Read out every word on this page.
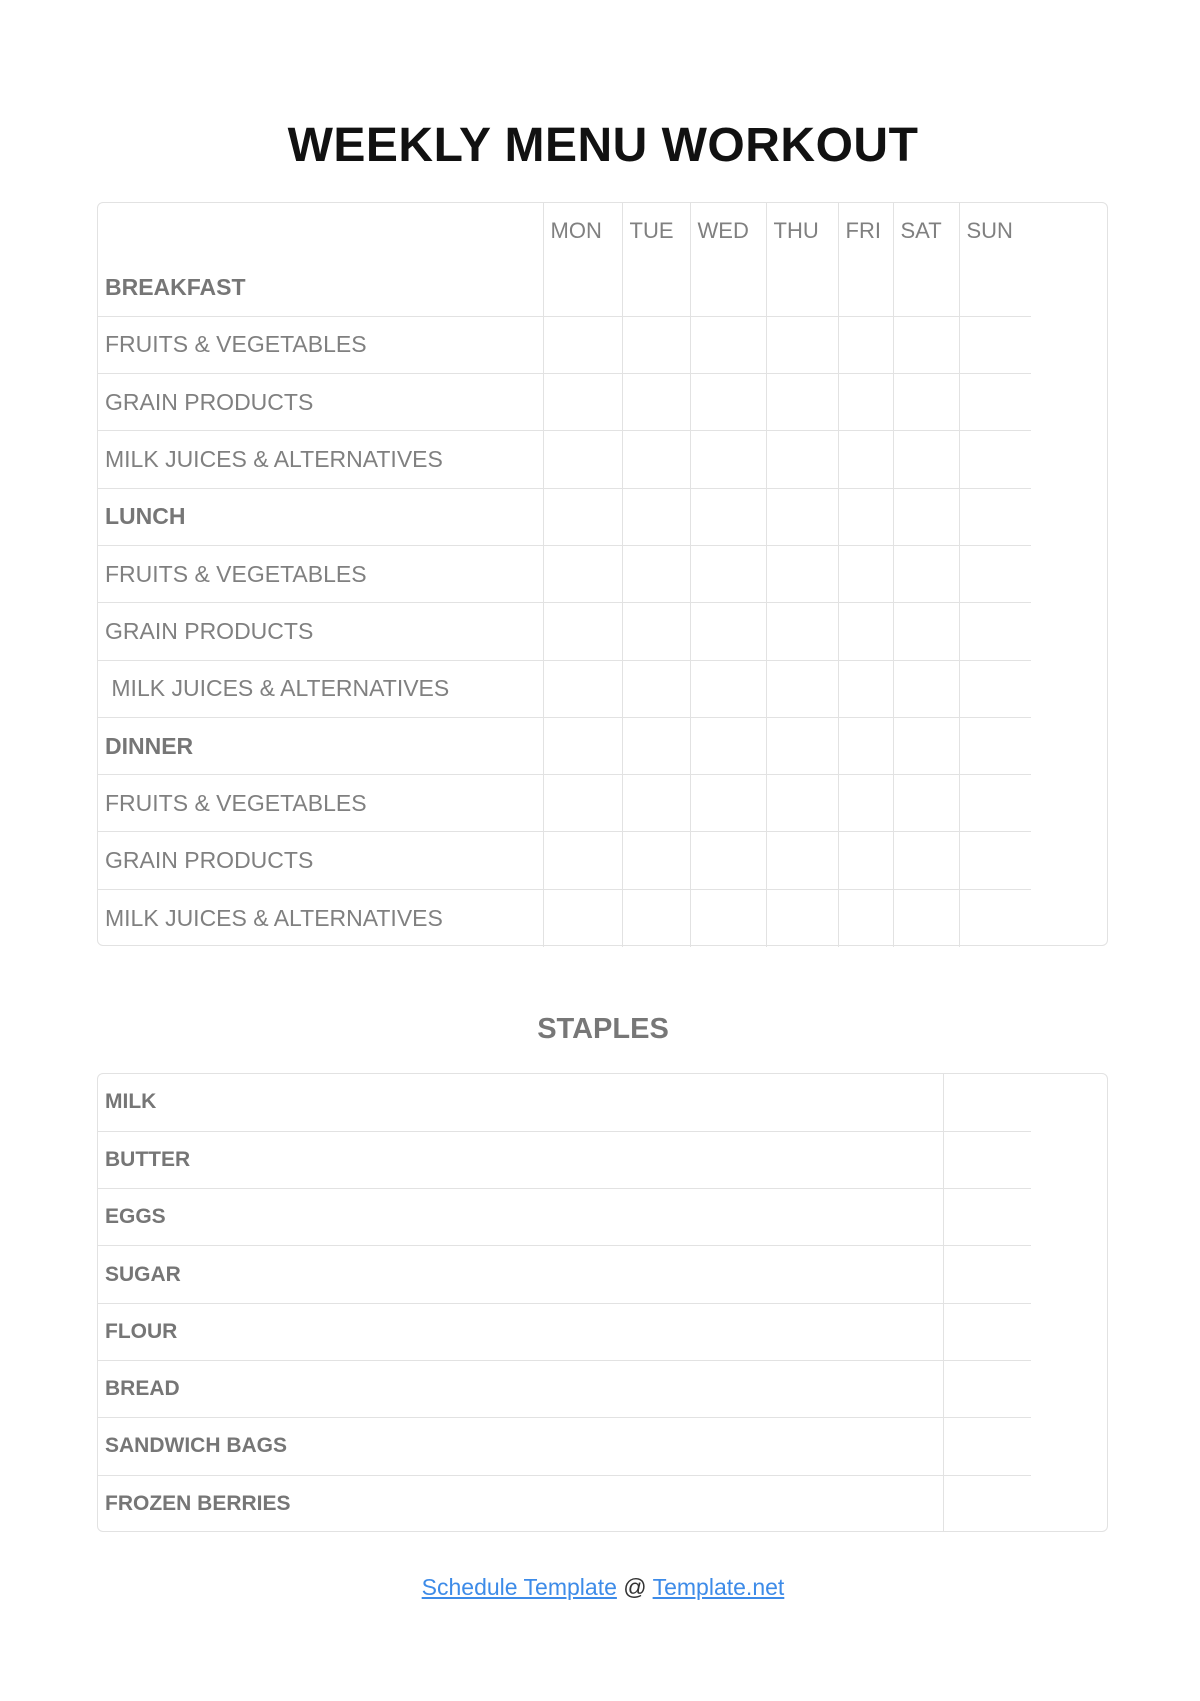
WEEKLY MENU WORKOUT
	MON	TUE	WED	THU	FRI	SAT	SUN
BREAKFAST							
FRUITS & VEGETABLES							
GRAIN PRODUCTS							
MILK JUICES & ALTERNATIVES							
LUNCH							
FRUITS & VEGETABLES							
GRAIN PRODUCTS							
MILK JUICES & ALTERNATIVES							
DINNER							
FRUITS & VEGETABLES							
GRAIN PRODUCTS							
MILK JUICES & ALTERNATIVES							
STAPLES
MILK	
BUTTER	
EGGS	
SUGAR	
FLOUR	
BREAD	
SANDWICH BAGS	
FROZEN BERRIES	
Schedule Template @ Template.net
